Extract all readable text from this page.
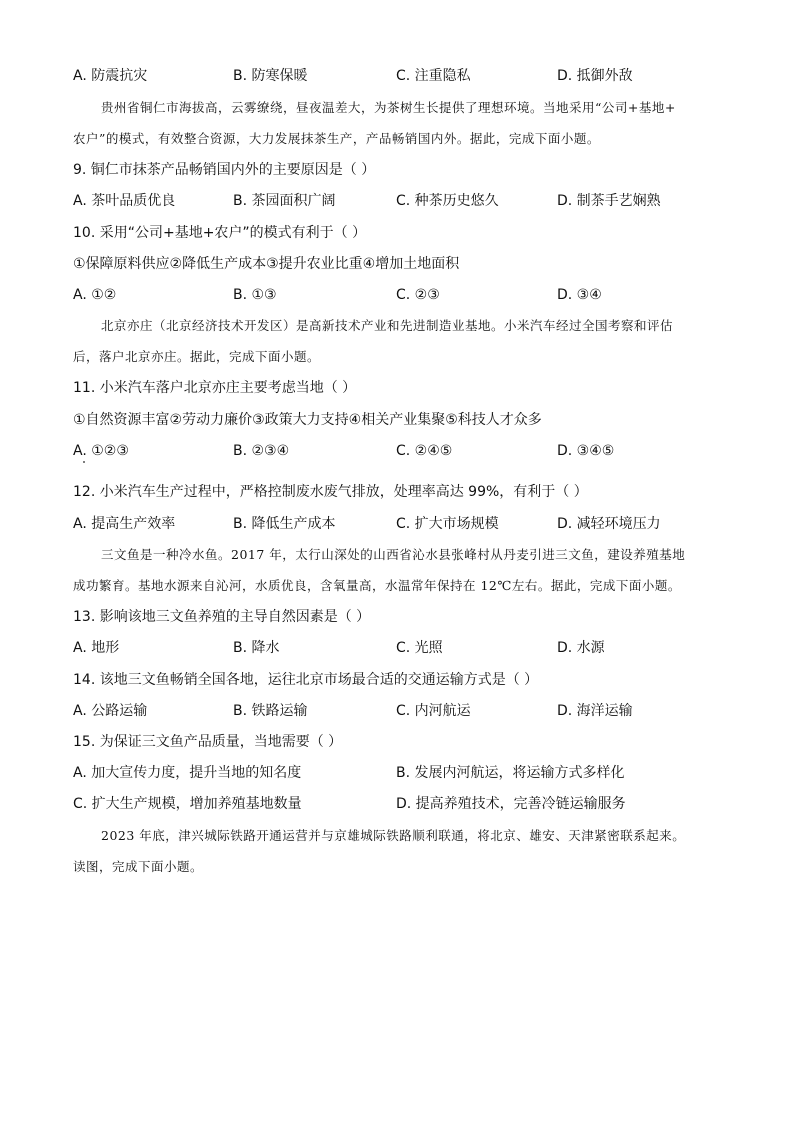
A. 防震抗灾	B. 防寒保暖	C. 注重隐私	D. 抵御外敌
贵州省铜仁市海拔高，云雾缭绕，昼夜温差大，为茶树生长提供了理想环境。当地采用“公司+基地+
农户”的模式，有效整合资源，大力发展抹茶生产，产品畅销国内外。据此，完成下面小题。
9. 铜仁市抹茶产品畅销国内外的主要原因是（ ）
A. 茶叶品质优良	B. 茶园面积广阔	C. 种茶历史悠久	D. 制茶手艺娴熟
10. 采用“公司+基地+农户”的模式有利于（ ）
①保障原料供应②降低生产成本③提升农业比重④增加土地面积
A. ①②	B. ①③	C. ②③	D. ③④
北京亦庄（北京经济技术开发区）是高新技术产业和先进制造业基地。小米汽车经过全国考察和评估
后，落户北京亦庄。据此，完成下面小题。
11. 小米汽车落户北京亦庄主要考虑当地（ ）
①自然资源丰富②劳动力廉价③政策大力支持④相关产业集聚⑤科技人才众多
A. ①②③	B. ②③④	C. ②④⑤	D. ③④⑤
12. 小米汽车生产过程中，严格控制废水废气排放，处理率高达 99%，有利于（ ）
A. 提高生产效率	B. 降低生产成本	C. 扩大市场规模	D. 减轻环境压力
三文鱼是一种冷水鱼。2017 年，太行山深处的山西省沁水县张峰村从丹麦引进三文鱼，建设养殖基地
成功繁育。基地水源来自沁河，水质优良，含氧量高，水温常年保持在 12℃左右。据此，完成下面小题。
13. 影响该地三文鱼养殖的主导自然因素是（ ）
A. 地形	B. 降水	C. 光照	D. 水源
14. 该地三文鱼畅销全国各地，运往北京市场最合适的交通运输方式是（ ）
A. 公路运输	B. 铁路运输	C. 内河航运	D. 海洋运输
15. 为保证三文鱼产品质量，当地需要（ ）
A. 加大宣传力度，提升当地的知名度	B. 发展内河航运，将运输方式多样化
C. 扩大生产规模，增加养殖基地数量	D. 提高养殖技术，完善冷链运输服务
2023 年底，津兴城际铁路开通运营并与京雄城际铁路顺利联通，将北京、雄安、天津紧密联系起来。
读图，完成下面小题。
